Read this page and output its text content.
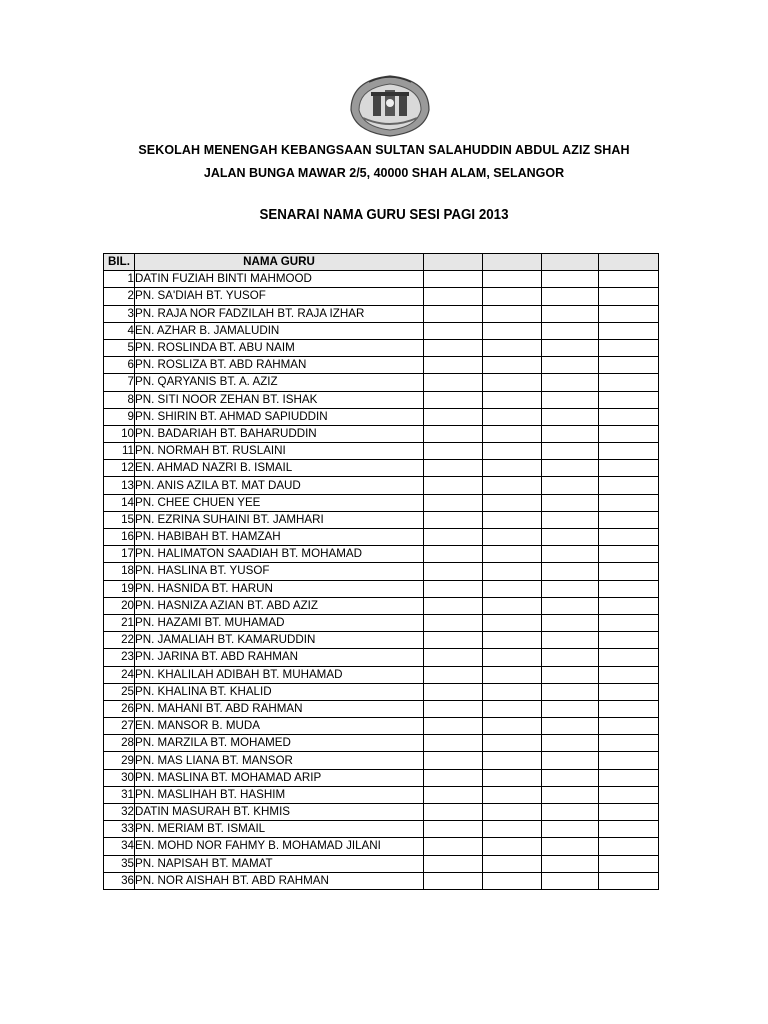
SEKOLAH MENENGAH KEBANGSAAN SULTAN SALAHUDDIN ABDUL AZIZ SHAH
JALAN BUNGA MAWAR 2/5, 40000 SHAH ALAM, SELANGOR
SENARAI NAMA GURU SESI PAGI 2013
BIL.	NAMA GURU				
1	DATIN FUZIAH BINTI MAHMOOD				
2	PN. SA'DIAH BT. YUSOF				
3	PN. RAJA NOR FADZILAH BT. RAJA IZHAR				
4	EN. AZHAR B. JAMALUDIN				
5	PN. ROSLINDA BT. ABU NAIM				
6	PN. ROSLIZA BT. ABD RAHMAN				
7	PN. QARYANIS BT. A. AZIZ				
8	PN. SITI NOOR ZEHAN BT. ISHAK				
9	PN. SHIRIN BT. AHMAD SAPIUDDIN				
10	PN. BADARIAH BT. BAHARUDDIN				
11	PN. NORMAH BT. RUSLAINI				
12	EN. AHMAD NAZRI B. ISMAIL				
13	PN. ANIS AZILA BT. MAT DAUD				
14	PN. CHEE CHUEN YEE				
15	PN. EZRINA SUHAINI BT. JAMHARI				
16	PN. HABIBAH BT. HAMZAH				
17	PN. HALIMATON SAADIAH BT. MOHAMAD				
18	PN. HASLINA BT. YUSOF				
19	PN. HASNIDA BT. HARUN				
20	PN. HASNIZA AZIAN BT. ABD AZIZ				
21	PN. HAZAMI BT. MUHAMAD				
22	PN. JAMALIAH BT. KAMARUDDIN				
23	PN. JARINA BT. ABD RAHMAN				
24	PN. KHALILAH ADIBAH BT. MUHAMAD				
25	PN. KHALINA BT. KHALID				
26	PN. MAHANI BT. ABD RAHMAN				
27	EN. MANSOR B. MUDA				
28	PN. MARZILA BT. MOHAMED				
29	PN. MAS LIANA BT. MANSOR				
30	PN. MASLINA BT. MOHAMAD ARIP				
31	PN. MASLIHAH BT. HASHIM				
32	DATIN MASURAH BT. KHMIS				
33	PN. MERIAM BT. ISMAIL				
34	EN. MOHD NOR FAHMY B. MOHAMAD JILANI				
35	PN. NAPISAH BT. MAMAT				
36	PN. NOR AISHAH BT. ABD RAHMAN				
